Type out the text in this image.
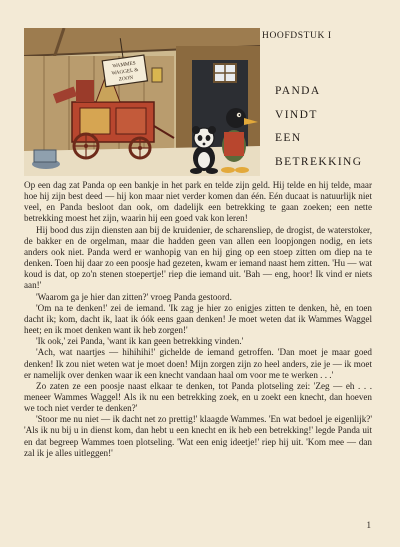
WAMMES
WAGGEL &
ZOON
HOOFDSTUK I
PANDA
VINDT
EEN
BETREKKING

Op een dag zat Panda op een bankje in het park en telde zijn geld. Hij telde en hij telde, maar hoe hij zijn best deed — hij kon maar niet verder komen dan één. Eén ducaat is natuurlijk niet veel, en Panda besloot dan ook, om dadelijk een betrekking te gaan zoeken; een nette betrekking moest het zijn, waarin hij een goed vak kon leren!

Hij bood dus zijn diensten aan bij de kruidenier, de scharensliep, de drogist, de waterstoker, de bakker en de orgelman, maar die hadden geen van allen een loopjongen nodig, en iets anders ook niet. Panda werd er wanhopig van en hij ging op een stoep zitten om diep na te denken. Toen hij daar zo een poosje had gezeten, kwam er iemand naast hem zitten. 'Hu — wat koud is dat, op zo'n stenen stoepertje!' riep die iemand uit. 'Bah — eng, hoor! Ik vind er niets aan!'

'Waarom ga je hier dan zitten?' vroeg Panda gestoord.

'Om na te denken!' zei de iemand. 'Ik zag je hier zo enigjes zitten te denken, hè, en toen dacht ik; kom, dacht ik, laat ik óók eens gaan denken! Je moet weten dat ik Wammes Waggel heet; en ik moet denken want ik heb zorgen!'

'Ik ook,' zei Panda, 'want ik kan geen betrekking vinden.'

'Ach, wat naartjes — hihihihi!' gichelde de iemand getroffen. 'Dan moet je maar goed denken! Ik zou niet weten wat je moet doen! Mijn zorgen zijn zo heel anders, zie je — ik moet er namelijk over denken waar ik een knecht vandaan haal om voor me te werken . . .'

Zo zaten ze een poosje naast elkaar te denken, tot Panda plotseling zei: 'Zeg — eh . . . meneer Wammes Waggel! Als ik nu een betrekking zoek, en u zoekt een knecht, dan hoeven we toch niet verder te denken?'

'Stoor me nu niet — ik dacht net zo prettig!' klaagde Wammes. 'En wat bedoel je eigenlijk?' 'Als ik nu bij u in dienst kom, dan hebt u een knecht en ik heb een betrekking!' legde Panda uit en dat begreep Wammes toen plotseling. 'Wat een enig ideetje!' riep hij uit. 'Kom mee — dan zal ik je alles uitleggen!'

1
